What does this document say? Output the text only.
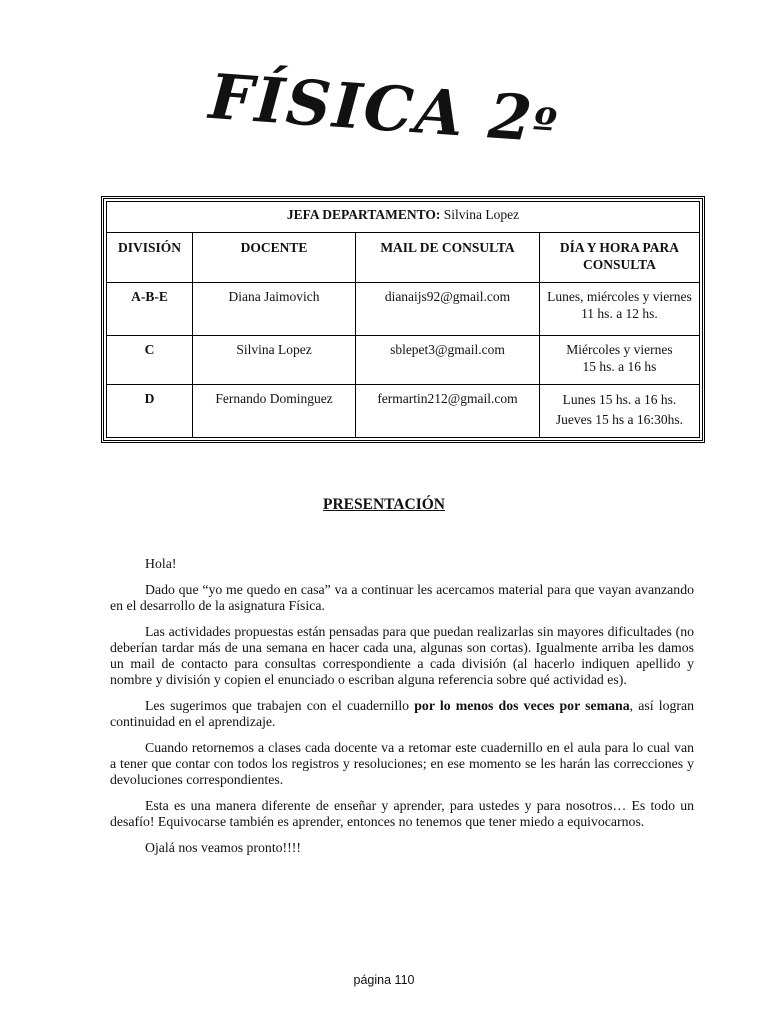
FÍSICA 2º
JEFA DEPARTAMENTO: Silvina Lopez			
DIVISIÓN	DOCENTE	MAIL DE CONSULTA	DÍA Y HORA PARA CONSULTA
A-B-E	Diana Jaimovich	dianaijs92@gmail.com	Lunes, miércoles y viernes
11 hs. a 12 hs.

C	Silvina Lopez	sblepet3@gmail.com	Miércoles y viernes
15 hs. a 16 hs

D	Fernando Dominguez	fermartin212@gmail.com	Lunes 15 hs. a 16 hs.
Jueves 15 hs a 16:30hs.
PRESENTACIÓN

Hola!

Dado que “yo me quedo en casa” va a continuar les acercamos material para que vayan avanzando en el desarrollo de la asignatura Física.

Las actividades propuestas están pensadas para que puedan realizarlas sin mayores dificultades (no deberían tardar más de una semana en hacer cada una, algunas son cortas). Igualmente arriba les damos un mail de contacto para consultas correspondiente a cada división (al hacerlo indiquen apellido y nombre y división y copien el enunciado o escriban alguna referencia sobre qué actividad es).

Les sugerimos que trabajen con el cuadernillo por lo menos dos veces por semana, así logran continuidad en el aprendizaje.

Cuando retornemos a clases cada docente va a retomar este cuadernillo en el aula para lo cual van a tener que contar con todos los registros y resoluciones; en ese momento se les harán las correcciones y devoluciones correspondientes.

Esta es una manera diferente de enseñar y aprender, para ustedes y para nosotros… Es todo un desafío! Equivocarse también es aprender, entonces no tenemos que tener miedo a equivocarnos.

Ojalá nos veamos pronto!!!!

página 110
